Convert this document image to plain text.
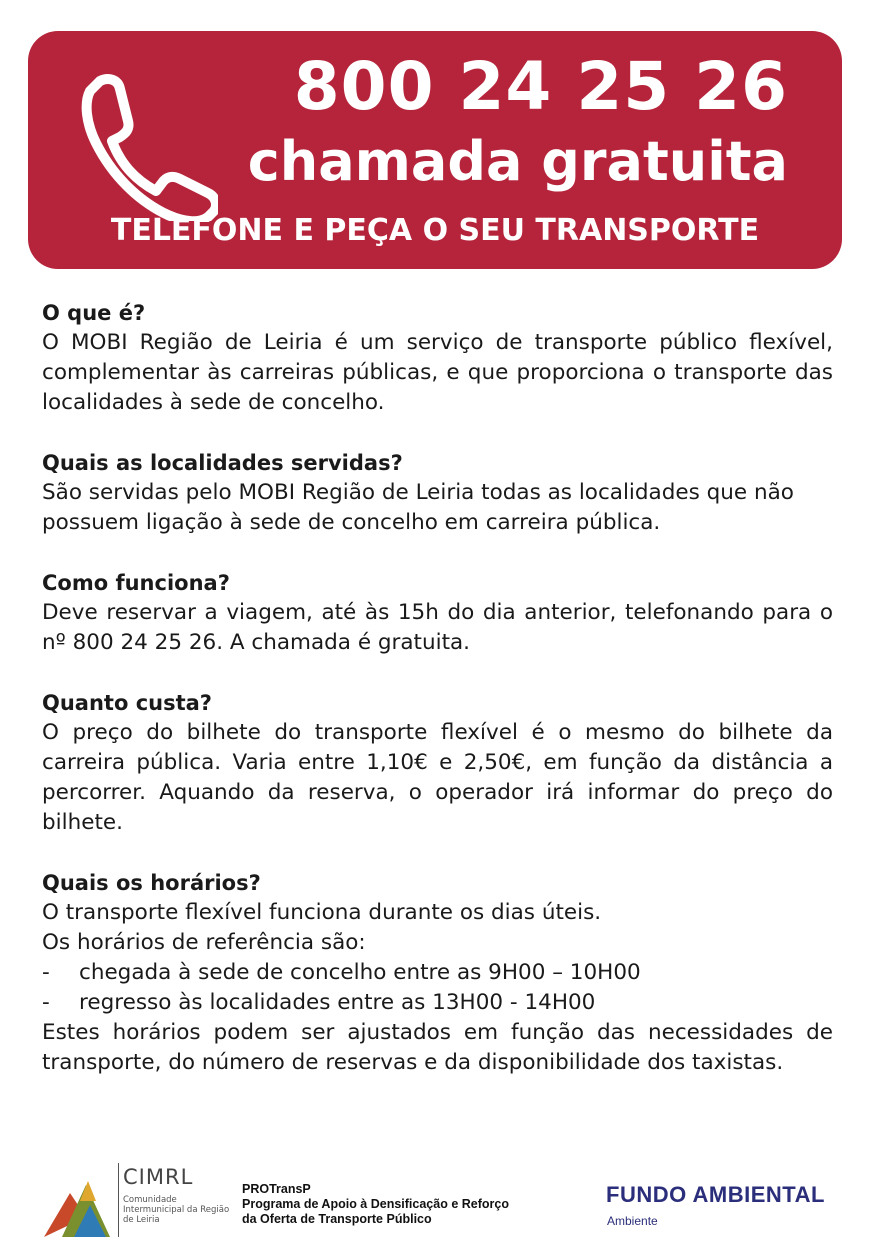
800 24 25 26
chamada gratuita
TELEFONE E PEÇA O SEU TRANSPORTE

O que é?

O MOBI Região de Leiria é um serviço de transporte público flexível, complementar às carreiras públicas, e que proporciona o transporte das localidades à sede de concelho.

Quais as localidades servidas?

São servidas pelo MOBI Região de Leiria todas as localidades que não possuem ligação à sede de concelho em carreira pública.

Como funciona?

Deve reservar a viagem, até às 15h do dia anterior, telefonando para o nº 800 24 25 26. A chamada é gratuita.

Quanto custa?

O preço do bilhete do transporte flexível é o mesmo do bilhete da carreira pública. Varia entre 1,10€ e 2,50€, em função da distância a percorrer. Aquando da reserva, o operador irá informar do preço do bilhete.

Quais os horários?

O transporte flexível funciona durante os dias úteis.
Os horários de referência são:
- chegada à sede de concelho entre as 9H00 – 10H00
- regresso às localidades entre as 13H00 - 14H00

Estes horários podem ser ajustados em função das necessidades de transporte, do número de reservas e da disponibilidade dos taxistas.

CIMRL
Comunidade Intermunicipal da Região de Leiria
PROTransP
Programa de Apoio à Densificação e Reforço
da Oferta de Transporte Público
FUNDO AMBIENTAL
Ambiente
